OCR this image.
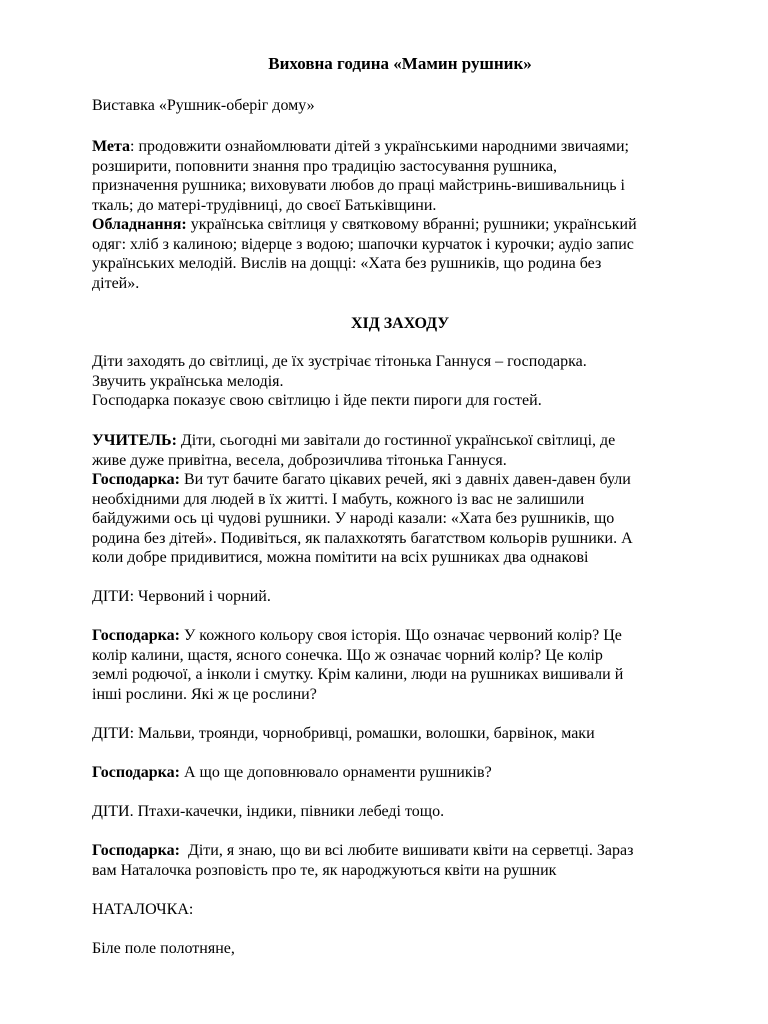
Виховна година «Мамин рушник»

Виставка «Рушник-оберіг дому»

Мета: продовжити ознайомлювати дітей з українськими народними звичаями;
розширити, поповнити знання про традицію застосування рушника,
призначення рушника; виховувати любов до праці майстринь-вишивальниць і
ткаль; до матері-трудівниці, до своєї Батьківщини.

Обладнання: українська світлиця у святковому вбранні; рушники; український
одяг: хліб з калиною; відерце з водою; шапочки курчаток і курочки; аудіо запис
українських мелодій. Вислів на дощці: «Хата без рушників, що родина без
дітей».

ХІД ЗАХОДУ

Діти заходять до світлиці, де їх зустрічає тітонька Ганнуся – господарка.
Звучить українська мелодія.
Господарка показує свою світлицю і йде пекти пироги для гостей.

УЧИТЕЛЬ: Діти, сьогодні ми завітали до гостинної української світлиці, де
живе дуже привітна, весела, доброзичлива тітонька Ганнуся.

Господарка: Ви тут бачите багато цікавих речей, які з давніх давен-давен були
необхідними для людей в їх житті. І мабуть, кожного із вас не залишили
байдужими ось ці чудові рушники. У народі казали: «Хата без рушників, що
родина без дітей». Подивіться, як палахкотять багатством кольорів рушники. А
коли добре придивитися, можна помітити на всіх рушниках два однакові

ДІТИ: Червоний і чорний.

Господарка: У кожного кольору своя історія. Що означає червоний колір? Це
колір калини, щастя, ясного сонечка. Що ж означає чорний колір? Це колір
землі родючої, а інколи і смутку. Крім калини, люди на рушниках вишивали й
інші рослини. Які ж це рослини?

ДІТИ: Мальви, троянди, чорнобривці, ромашки, волошки, барвінок, маки

Господарка: А що ще доповнювало орнаменти рушників?

ДІТИ. Птахи-качечки, індики, півники лебеді тощо.

Господарка:  Діти, я знаю, що ви всі любите вишивати квіти на серветці. Зараз
вам Наталочка розповість про те, як народжуються квіти на рушник

НАТАЛОЧКА:

Біле поле полотняне,
